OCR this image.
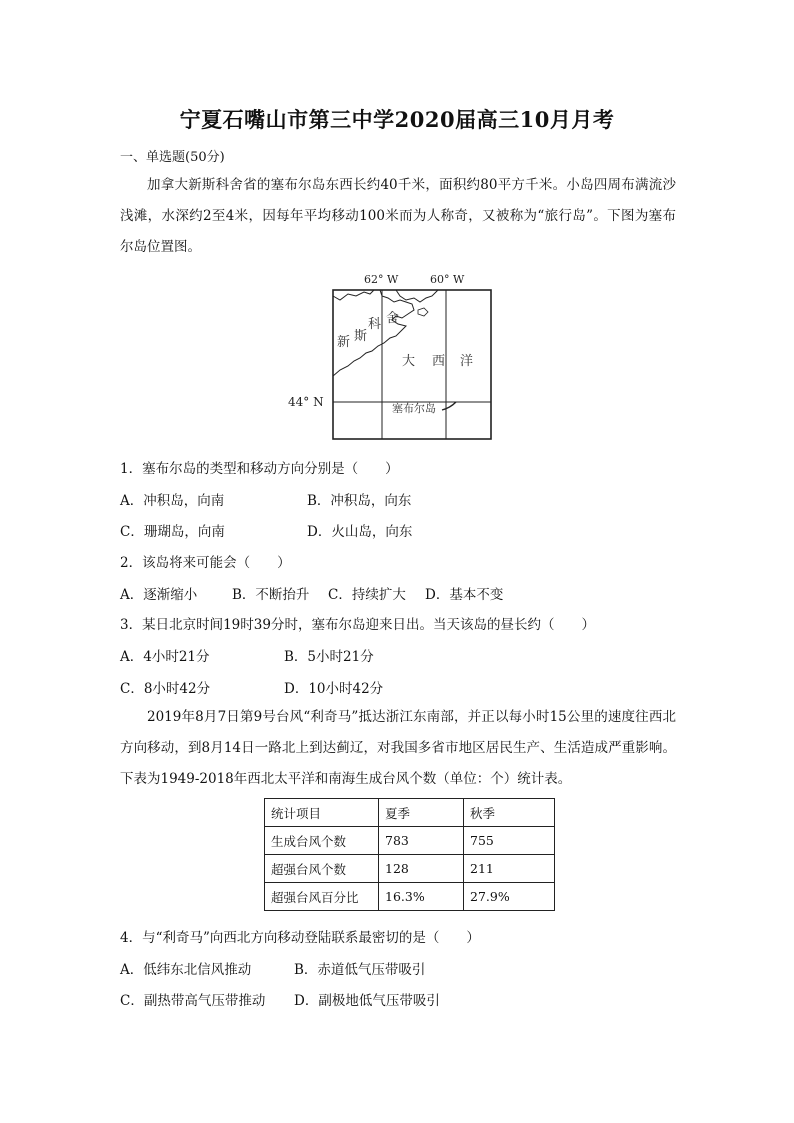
宁夏石嘴山市第三中学2020届高三10月月考
一、单选题(50分)
加拿大新斯科舍省的塞布尔岛东西长约40千米，面积约80平方千米。小岛四周布满流沙浅滩，水深约2至4米，因每年平均移动100米而为人称奇，又被称为“旅行岛”。下图为塞布尔岛位置图。
62° W	60° W
44° N
新 斯
科 舍
大 西 洋
塞布尔岛
1．塞布尔岛的类型和移动方向分别是（　　）
A．冲积岛，向南	B．冲积岛，向东
C．珊瑚岛，向南	D．火山岛，向东
2．该岛将来可能会（　　）
A．逐渐缩小	B．不断抬升 C．持续扩大 D．基本不变
3．某日北京时间19时39分时，塞布尔岛迎来日出。当天该岛的昼长约（　　）
A．4小时21分	B．5小时21分
C．8小时42分	D．10小时42分
2019年8月7日第9号台风“利奇马”抵达浙江东南部，并正以每小时15公里的速度往西北方向移动，到8月14日一路北上到达蓟辽，对我国多省市地区居民生产、生活造成严重影响。下表为1949-2018年西北太平洋和南海生成台风个数（单位：个）统计表。
统计项目	夏季	秋季
生成台风个数	783	755
超强台风个数	128	211
超强台风百分比	16.3%	27.9%
4．与“利奇马”向西北方向移动登陆联系最密切的是（　　）
A．低纬东北信风推动	B．赤道低气压带吸引
C．副热带高气压带推动 D．副极地低气压带吸引
